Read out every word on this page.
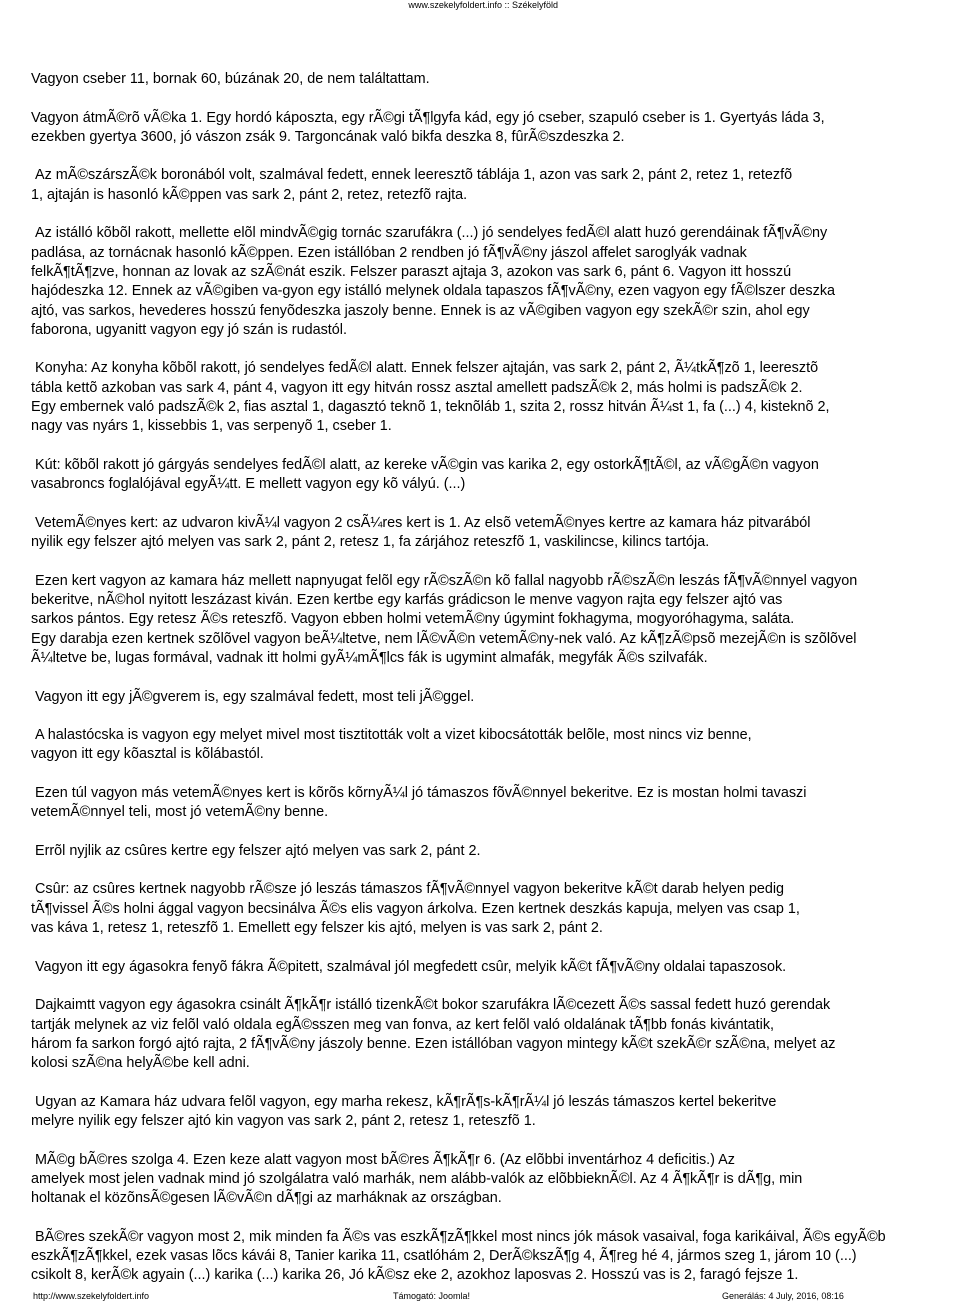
www.szekelyfoldert.info :: Székelyföld

Vagyon cseber 11, bornak 60, búzának 20, de nem találtattam.

Vagyon átmÃ©rõ vÃ©ka 1. Egy hordó káposzta, egy rÃ©gi tÃ¶lgyfa kád, egy jó cseber, szapuló cseber is 1. Gyertyás láda 3,
ezekben gyertya 3600, jó vászon zsák 9. Targoncának való bikfa deszka 8, fûrÃ©szdeszka 2.

Az mÃ©szárszÃ©k boronából volt, szalmával fedett, ennek leeresztõ táblája 1, azon vas sark 2, pánt 2, retez 1, retezfõ
1, ajtaján is hasonló kÃ©ppen vas sark 2, pánt 2, retez, retezfõ rajta.

Az istálló kõbõl rakott, mellette elõl mindvÃ©gig tornác szarufákra (...) jó sendelyes fedÃ©l alatt huzó gerendáinak fÃ¶vÃ©ny
padlása, az tornácnak hasonló kÃ©ppen. Ezen istállóban 2 rendben jó fÃ¶vÃ©ny jászol affelet saroglyák vadnak
felkÃ¶tÃ¶zve, honnan az lovak az szÃ©nát eszik. Felszer paraszt ajtaja 3, azokon vas sark 6, pánt 6. Vagyon itt hosszú
hajódeszka 12. Ennek az vÃ©giben va-gyon egy istálló melynek oldala tapaszos fÃ¶vÃ©ny, ezen vagyon egy fÃ©lszer deszka
ajtó, vas sarkos, hevederes hosszú fenyõdeszka jaszoly benne. Ennek is az vÃ©giben vagyon egy szekÃ©r szin, ahol egy
faborona, ugyanitt vagyon egy jó szán is rudastól.

Konyha: Az konyha kõbõl rakott, jó sendelyes fedÃ©l alatt. Ennek felszer ajtaján, vas sark 2, pánt 2, Ã¼tkÃ¶zõ 1, leeresztõ
tábla kettõ azkoban vas sark 4, pánt 4, vagyon itt egy hitván rossz asztal amellett padszÃ©k 2, más holmi is padszÃ©k 2.
Egy embernek való padszÃ©k 2, fias asztal 1, dagasztó teknõ 1, teknõláb 1, szita 2, rossz hitván Ã¼st 1, fa (...) 4, kisteknõ 2,
nagy vas nyárs 1, kissebbis 1, vas serpenyõ 1, cseber 1.

Kút: kõbõl rakott jó gárgyás sendelyes fedÃ©l alatt, az kereke vÃ©gin vas karika 2, egy ostorkÃ¶tÃ©l, az vÃ©gÃ©n vagyon
vasabroncs foglalójával egyÃ¼tt. E mellett vagyon egy kõ vályú. (...)

VetemÃ©nyes kert: az udvaron kivÃ¼l vagyon 2 csÃ¼res kert is 1. Az elsõ vetemÃ©nyes kertre az kamara ház pitvarából
nyilik egy felszer ajtó melyen vas sark 2, pánt 2, retesz 1, fa zárjához reteszfõ 1, vaskilincse, kilincs tartója.

Ezen kert vagyon az kamara ház mellett napnyugat felõl egy rÃ©szÃ©n kõ fallal nagyobb rÃ©szÃ©n leszás fÃ¶vÃ©nnyel vagyon
bekeritve, nÃ©hol nyitott leszázast kiván. Ezen kertbe egy karfás grádicson le menve vagyon rajta egy felszer ajtó vas
sarkos pántos. Egy retesz Ã©s reteszfõ. Vagyon ebben holmi vetemÃ©ny úgymint fokhagyma, mogyoróhagyma, saláta.
Egy darabja ezen kertnek szõlõvel vagyon beÃ¼ltetve, nem lÃ©vÃ©n vetemÃ©ny-nek való. Az kÃ¶zÃ©psõ mezejÃ©n is szõlõvel
Ã¼ltetve be, lugas formával, vadnak itt holmi gyÃ¼mÃ¶lcs fák is ugymint almafák, megyfák Ã©s szilvafák.

Vagyon itt egy jÃ©gverem is, egy szalmával fedett, most teli jÃ©ggel.

A halastócska is vagyon egy melyet mivel most tisztitották volt a vizet kibocsátották belõle, most nincs viz benne,
vagyon itt egy kõasztal is kõlábastól.

Ezen túl vagyon más vetemÃ©nyes kert is kõrõs kõrnyÃ¼l jó támaszos fõvÃ©nnyel bekeritve. Ez is mostan holmi tavaszi
vetemÃ©nnyel teli, most jó vetemÃ©ny benne.

Errõl nyjlik az csûres kertre egy felszer ajtó melyen vas sark 2, pánt 2.

Csûr: az csûres kertnek nagyobb rÃ©sze jó leszás támaszos fÃ¶vÃ©nnyel vagyon bekeritve kÃ©t darab helyen pedig
tÃ¶vissel Ã©s holni ággal vagyon becsinálva Ã©s elis vagyon árkolva. Ezen kertnek deszkás kapuja, melyen vas csap 1,
vas káva 1, retesz 1, reteszfõ 1. Emellett egy felszer kis ajtó, melyen is vas sark 2, pánt 2.

Vagyon itt egy ágasokra fenyõ fákra Ã©pitett, szalmával jól megfedett csûr, melyik kÃ©t fÃ¶vÃ©ny oldalai tapaszosok.

Dajkaimtt vagyon egy ágasokra csinált Ã¶kÃ¶r istálló tizenkÃ©t bokor szarufákra lÃ©cezett Ã©s sassal fedett huzó gerendak
tartják melynek az viz felõl való oldala egÃ©sszen meg van fonva, az kert felõl való oldalának tÃ¶bb fonás kivántatik,
három fa sarkon forgó ajtó rajta, 2 fÃ¶vÃ©ny jászoly benne. Ezen istállóban vagyon mintegy kÃ©t szekÃ©r szÃ©na, melyet az
kolosi szÃ©na helyÃ©be kell adni.

Ugyan az Kamara ház udvara felõl vagyon, egy marha rekesz, kÃ¶rÃ¶s-kÃ¶rÃ¼l jó leszás támaszos kertel bekeritve
melyre nyilik egy felszer ajtó kin vagyon vas sark 2, pánt 2, retesz 1, reteszfõ 1.

MÃ©g bÃ©res szolga 4. Ezen keze alatt vagyon most bÃ©res Ã¶kÃ¶r 6. (Az elõbbi inventárhoz 4 deficitis.) Az
amelyek most jelen vadnak mind jó szolgálatra való marhák, nem alább-valók az elõbbieknÃ©l. Az 4 Ã¶kÃ¶r is dÃ¶g, min
holtanak el közõnsÃ©gesen lÃ©vÃ©n dÃ¶gi az marháknak az országban.

BÃ©res szekÃ©r vagyon most 2, mik minden fa Ã©s vas eszkÃ¶zÃ¶kkel most nincs jók mások vasaival, foga karikáival, Ã©s egyÃ©b
eszkÃ¶zÃ¶kkel, ezek vasas lõcs kávái 8, Tanier karika 11, csatlóhám 2, DerÃ©kszÃ¶g 4, Ã¶reg hé 4, jármos szeg 1, járom 10 (...)
csikolt 8, kerÃ©k agyain (...) karika (...) karika 26, Jó kÃ©sz eke 2, azokhoz laposvas 2. Hosszú vas is 2, faragó fejsze 1.

http://www.szekelyfoldert.info	Támogató: Joomla!	Generálás: 4 July, 2016, 08:16
